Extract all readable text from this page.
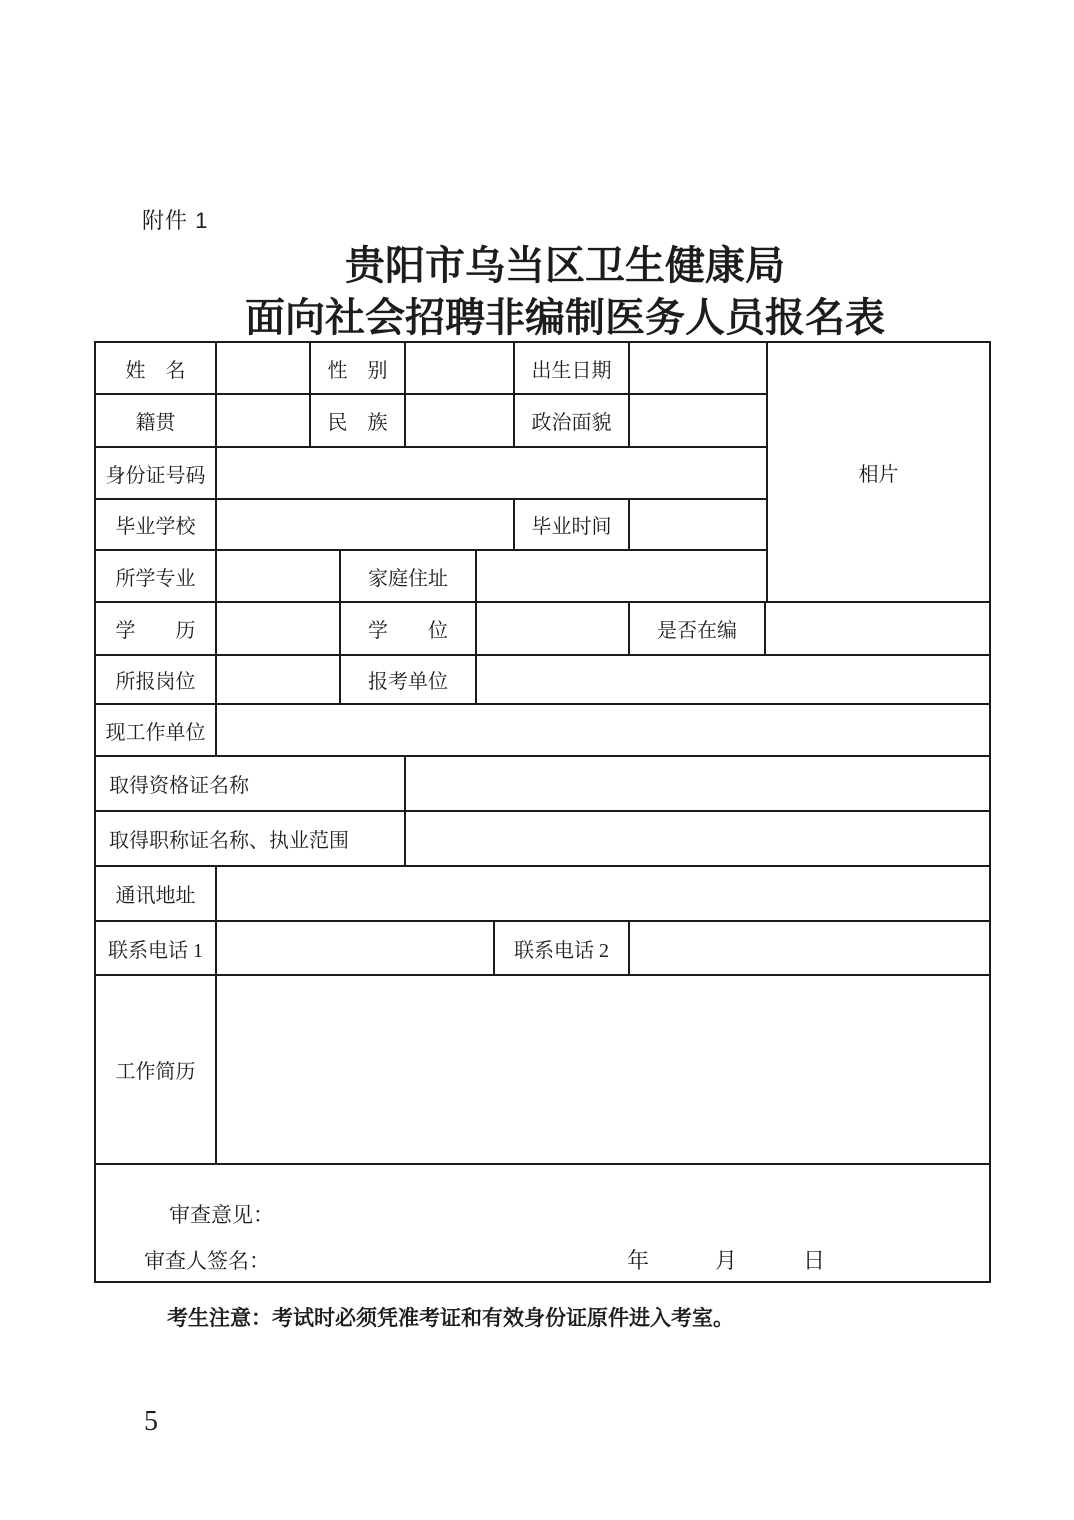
附件 1
贵阳市乌当区卫生健康局
面向社会招聘非编制医务人员报名表
姓　名	性　别	出生日期
籍贯	民　族	政治面貌
身份证号码
毕业学校	毕业时间
所学专业	家庭住址
学　　历	学　　位	是否在编
所报岗位	报考单位
现工作单位
取得资格证名称
取得职称证名称、执业范围
通讯地址
联系电话 1	联系电话 2
工作简历
审查意见：
审查人签名：	年	月	日
相片
考生注意：考试时必须凭准考证和有效身份证原件进入考室。
5
